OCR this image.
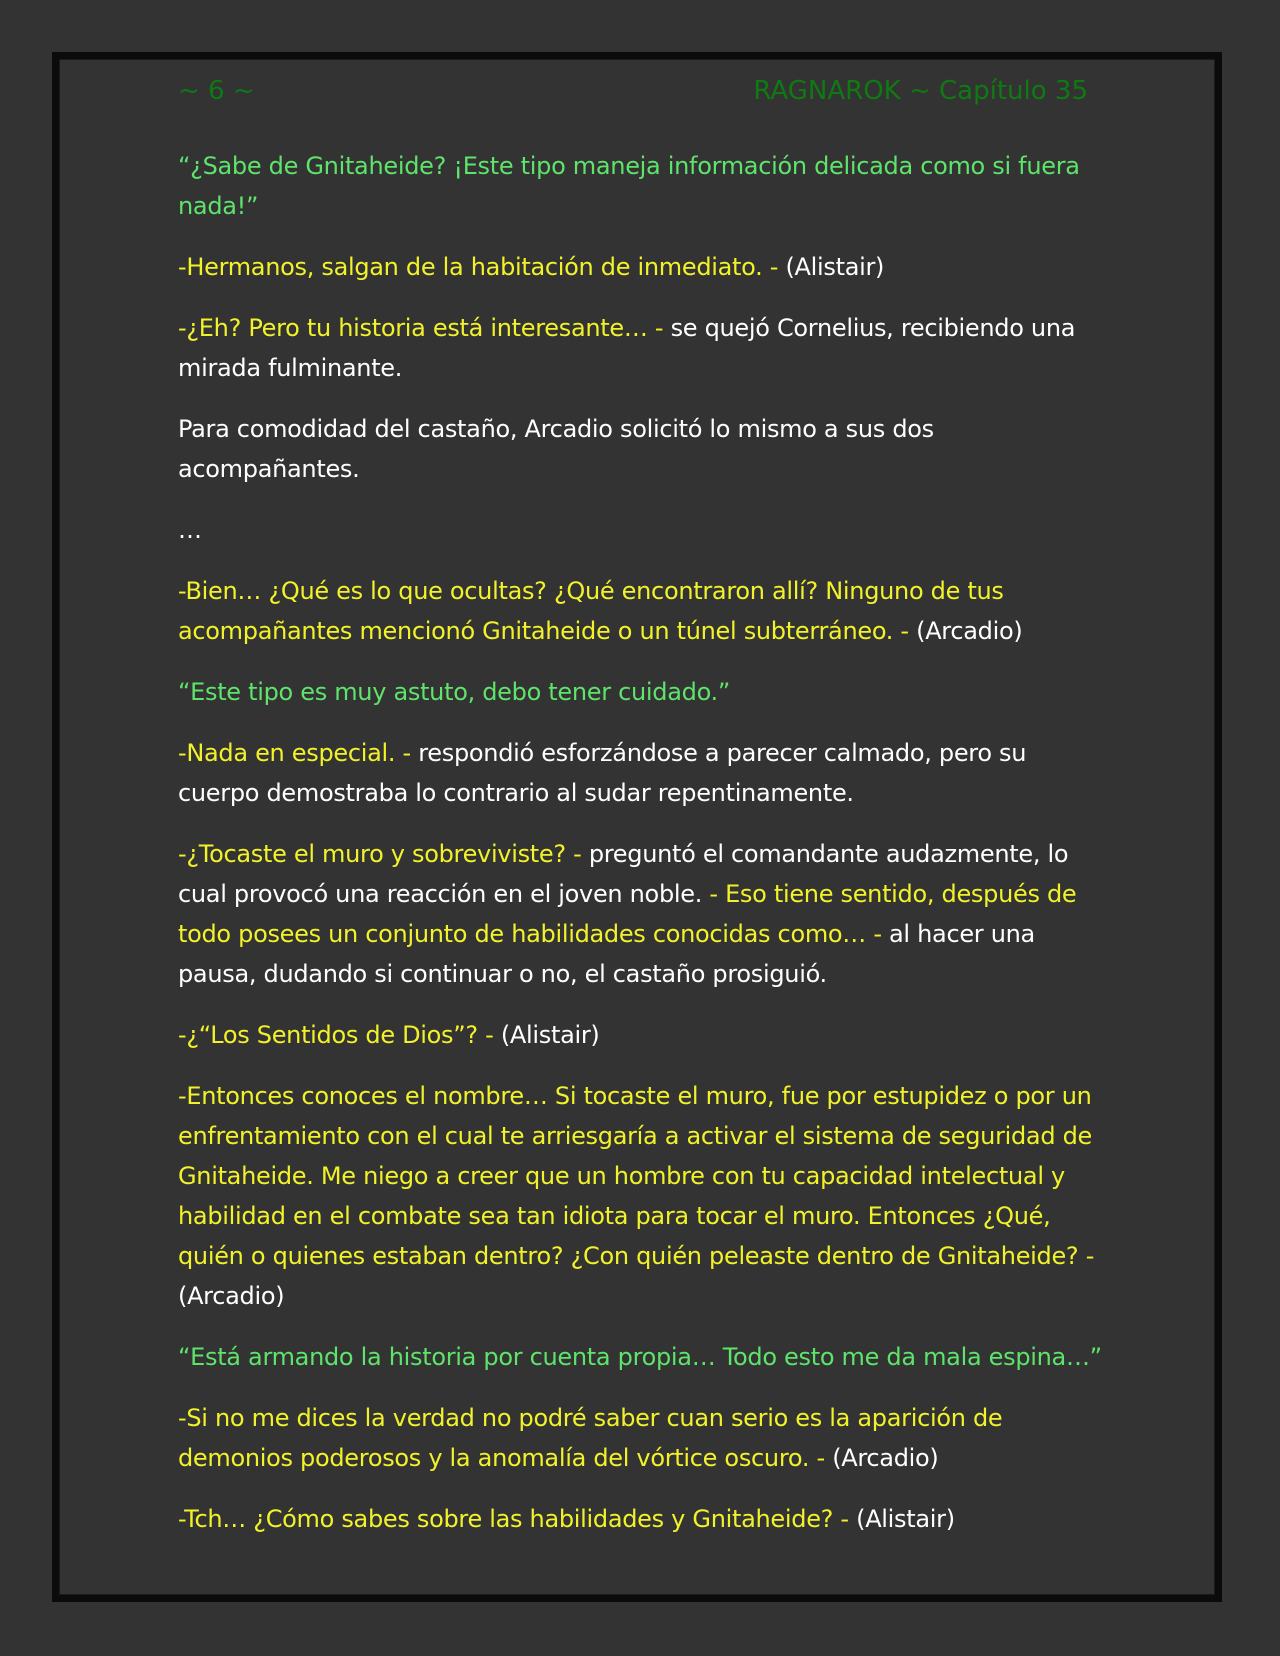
~ 6 ~	RAGNAROK ~ Capítulo 35

“¿Sabe de Gnitaheide? ¡Este tipo maneja información delicada como si fuera nada!”

-Hermanos, salgan de la habitación de inmediato. - (Alistair)

-¿Eh? Pero tu historia está interesante… - se quejó Cornelius, recibiendo una mirada fulminante.

Para comodidad del castaño, Arcadio solicitó lo mismo a sus dos acompañantes.

…

-Bien… ¿Qué es lo que ocultas? ¿Qué encontraron allí? Ninguno de tus acompañantes mencionó Gnitaheide o un túnel subterráneo. - (Arcadio)

“Este tipo es muy astuto, debo tener cuidado.”

-Nada en especial. - respondió esforzándose a parecer calmado, pero su cuerpo demostraba lo contrario al sudar repentinamente.

-¿Tocaste el muro y sobreviviste? - preguntó el comandante audazmente, lo cual provocó una reacción en el joven noble. - Eso tiene sentido, después de todo posees un conjunto de habilidades conocidas como… - al hacer una pausa, dudando si continuar o no, el castaño prosiguió.

-¿“Los Sentidos de Dios”? - (Alistair)

-Entonces conoces el nombre… Si tocaste el muro, fue por estupidez o por un enfrentamiento con el cual te arriesgaría a activar el sistema de seguridad de Gnitaheide. Me niego a creer que un hombre con tu capacidad intelectual y habilidad en el combate sea tan idiota para tocar el muro. Entonces ¿Qué, quién o quienes estaban dentro? ¿Con quién peleaste dentro de Gnitaheide? - (Arcadio)

“Está armando la historia por cuenta propia… Todo esto me da mala espina…”

-Si no me dices la verdad no podré saber cuan serio es la aparición de demonios poderosos y la anomalía del vórtice oscuro. - (Arcadio)

-Tch… ¿Cómo sabes sobre las habilidades y Gnitaheide? - (Alistair)
